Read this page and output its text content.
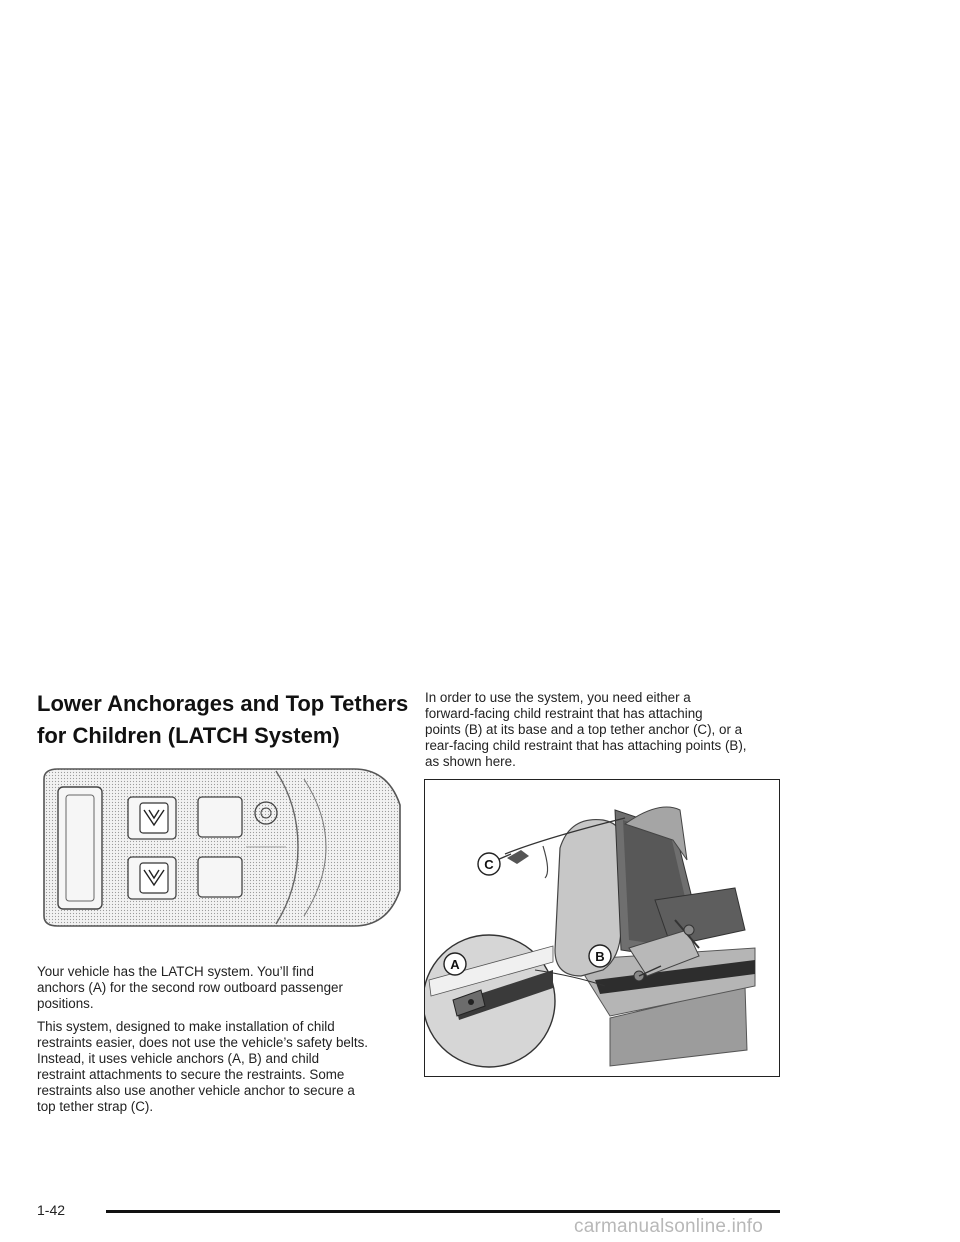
Lower Anchorages and Top Tethers
for Children (LATCH System)
Your vehicle has the LATCH system. You’ll find
anchors (A) for the second row outboard passenger
positions.
This system, designed to make installation of child
restraints easier, does not use the vehicle’s safety belts.
Instead, it uses vehicle anchors (A, B) and child
restraint attachments to secure the restraints. Some
restraints also use another vehicle anchor to secure a
top tether strap (C).
In order to use the system, you need either a
forward-facing child restraint that has attaching
points (B) at its base and a top tether anchor (C), or a
rear-facing child restraint that has attaching points (B),
as shown here.
C
A
B
1-42
carmanualsonline.info
